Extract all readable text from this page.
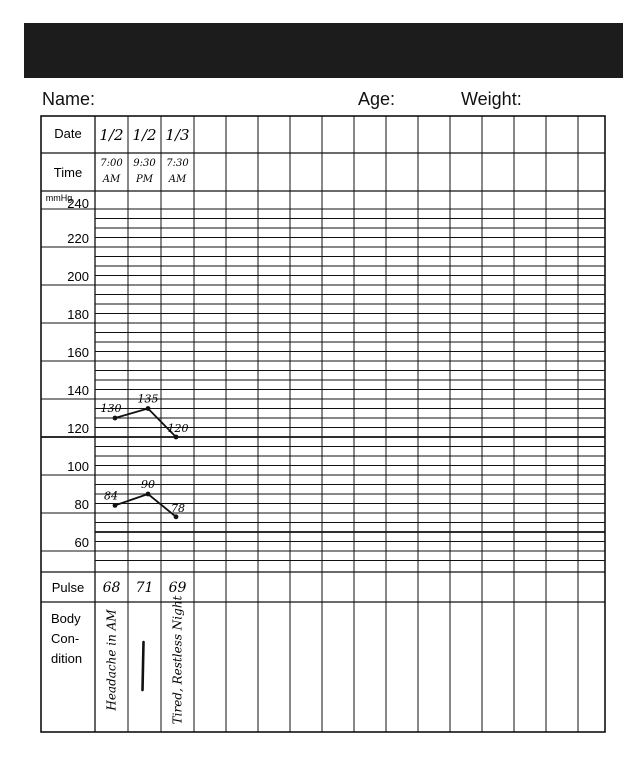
Name:	Age:	Weight:
Date
Time
mmHg
Pulse
Body
Con-
dition
240
220
200
180
160
140
120
100
80
60
1/2
7:00
AM
68
Headache in AM
1/2
9:30
PM
71
1/3
7:30
AM
69
Tired, Restless Night
130
135
120
84
90
78
